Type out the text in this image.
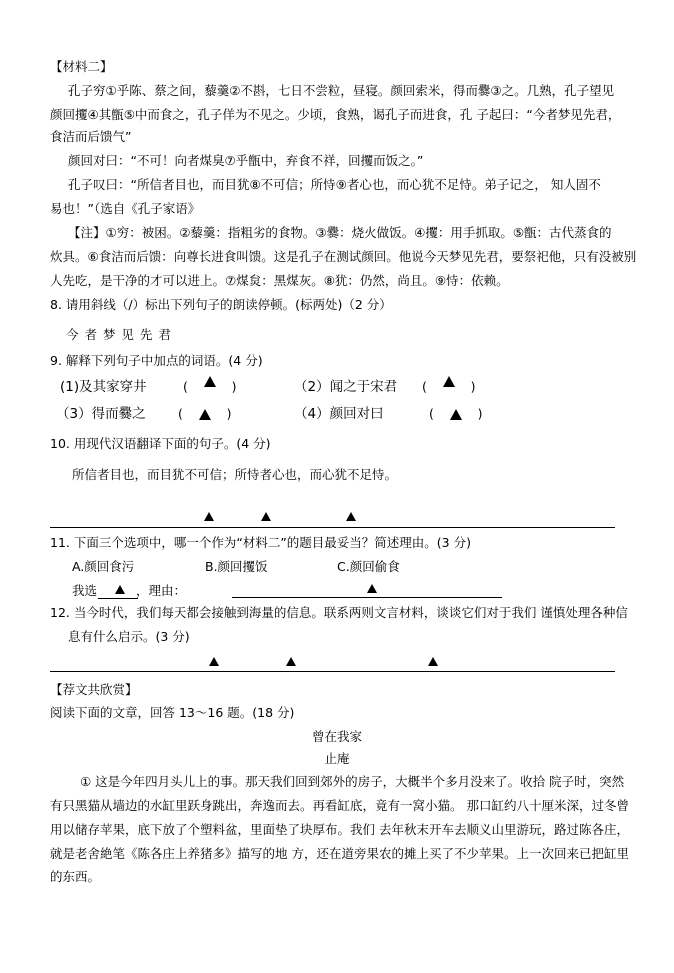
【材料二】
孔子穷①乎陈、蔡之间，藜羹②不斟，七日不尝粒，昼寝。颜回索米，得而爨③之。几熟，孔子望见
颜回攫④其甑⑤中而食之，孔子佯为不见之。少顷，食熟，谒孔子而进食，孔 子起曰：“今者梦见先君，
食洁而后馈气”
颜回对曰：“不可！向者煤臭⑦乎甑中，弃食不祥，回攫而饭之。”
孔子叹曰：“所信者目也，而目犹⑧不可信；所恃⑨者心也，而心犹不足恃。弟子记之， 知人固不
易也！”（选自《孔子家语》
【注】①穷：被困。②藜羹：指粗劣的食物。③爨：烧火做饭。④攫：用手抓取。⑤甑：古代蒸食的
炊具。⑥食洁而后馈：向尊长进食叫馈。这是孔子在测试颜回。他说今天梦见先君，要祭祀他，只有没被别
人先吃，是干净的才可以进上。⑦煤炱：黑煤灰。⑧犹：仍然，尚且。⑨恃：依赖。
8. 请用斜线（/）标出下列句子的朗读停顿。(标两处)（2 分）
今 者 梦 见 先 君
9. 解释下列句子中加点的词语。(4 分)
(1)及其家穿井	(        )	（2）闻之于宋君 (        )
（3）得而爨之	(        )	（4）颜回对曰	(        )
10. 用现代汉语翻译下面的句子。(4 分)
所信者目也，而目犹不可信；所恃者心也，而心犹不足恃。
11. 下面三个选项中，哪一个作为“材料二”的题目最妥当？简述理由。(3 分)
A.颜回食污	B.颜回攫饭	C.颜回偷食
我选	，理由：
12. 当今时代，我们每天都会接触到海量的信息。联系两则文言材料，谈谈它们对于我们 谨慎处理各种信
息有什么启示。(3 分)
【荐文共欣赏】
阅读下面的文章，回答 13～16 题。(18 分)
曾在我家
止庵
① 这是今年四月头儿上的事。那天我们回到郊外的房子，大概半个多月没来了。收拾 院子时，突然
有只黑猫从墙边的水缸里跃身跳出，奔逸而去。再看缸底，竟有一窝小猫。 那口缸约八十厘米深，过冬曾
用以储存苹果，底下放了个塑料盆，里面垫了块厚布。我们 去年秋末开车去顺义山里游玩，路过陈各庄，
就是老舍絶笔《陈各庄上养猪多》描写的地 方，还在道旁果农的摊上买了不少苹果。上一次回来已把缸里
的东西。
